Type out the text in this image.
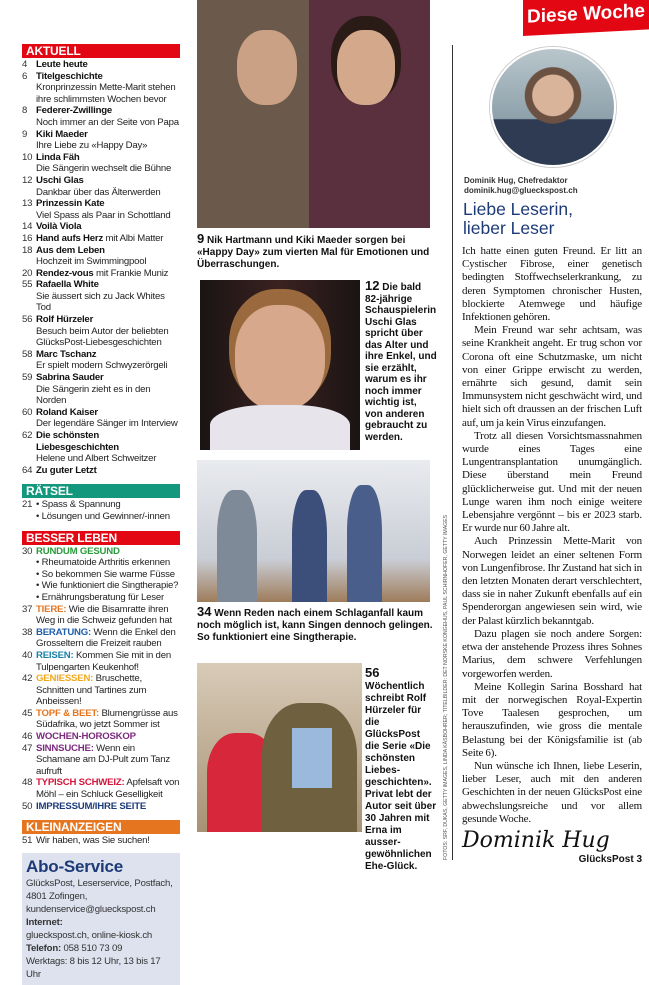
Diese Woche
AKTUELL
4 Leute heute
6 Titelgeschichte
Kronprinzessin Mette-Marit stehen ihre schlimmsten Wochen bevor
8 Federer-Zwillinge
Noch immer an der Seite von Papa
9 Kiki Maeder
Ihre Liebe zu «Happy Day»
10 Linda Fäh
Die Sängerin wechselt die Bühne
12 Uschi Glas
Dankbar über das Älterwerden
13 Prinzessin Kate
Viel Spass als Paar in Schottland
14 Voilà Viola
16 Hand aufs Herz mit Albi Matter
18 Aus dem Leben
Hochzeit im Swimmingpool
20 Rendez-vous mit Frankie Muniz
55 Rafaella White
Sie äussert sich zu Jack Whites Tod
56 Rolf Hürzeler
Besuch beim Autor der beliebten GlücksPost-Liebesgeschichten
58 Marc Tschanz
Er spielt modern Schwyzerörgeli
59 Sabrina Sauder
Die Sängerin zieht es in den Norden
60 Roland Kaiser
Der legendäre Sänger im Interview
62 Die schönsten Liebesgeschichten
Helene und Albert Schweitzer
64 Zu guter Letzt
RÄTSEL
21 • Spass & Spannung
• Lösungen und Gewinner/-innen
BESSER LEBEN
30 RUNDUM GESUND
• Rheumatoide Arthritis erkennen
• So bekommen Sie warme Füsse
• Wie funktioniert die Singtherapie?
• Ernährungsberatung für Leser
37 TIERE: Wie die Bisamratte ihren Weg in die Schweiz gefunden hat
38 BERATUNG: Wenn die Enkel den Grosseltern die Freizeit rauben
40 REISEN: Kommen Sie mit in den Tulpengarten Keukenhof!
42 GENIESSEN: Bruschette, Schnitten und Tartines zum Anbeissen!
45 TOPF & BEET: Blumengrüsse aus Südafrika, wo jetzt Sommer ist
46 WOCHEN-HOROSKOP
47 SINNSUCHE: Wenn ein Schamane am DJ-Pult zum Tanz aufruft
48 TYPISCH SCHWEIZ: Apfelsaft von Möhl – ein Schluck Geselligkeit
50 IMPRESSUM/IHRE SEITE
KLEINANZEIGEN
51 Wir haben, was Sie suchen!
Abo-Service
GlücksPost, Leserservice, Postfach, 4801 Zofingen,
kundenservice@glueckspost.ch
Internet:
glueckspost.ch, online-kiosk.ch
Telefon: 058 510 73 09
Werktags: 8 bis 12 Uhr, 13 bis 17 Uhr
9 Nik Hartmann und Kiki Maeder sorgen bei «Happy Day» zum vierten Mal für Emotionen und Überraschungen.
12 Die bald 82-jährige Schauspielerin Uschi Glas spricht über das Alter und ihre Enkel, und sie erzählt, warum es ihr noch immer wichtig ist, von anderen gebraucht zu werden.
34 Wenn Reden nach einem Schlaganfall kaum noch möglich ist, kann Singen dennoch gelingen. So funktioniert eine Singtherapie.
56 Wöchentlich schreibt Rolf Hürzeler für die GlücksPost die Serie «Die schönsten Liebesgeschichten». Privat lebt der Autor seit über 30 Jahren mit Erna im aussergewöhnlichen Ehe-Glück.
FOTOS: SRF, DUKAS, GETTY IMAGES, LINDA KÄSBOHRER; TITELBILDER: DET NORSKE KONGEHUS, PAUL SCHIRNHOFER, GETTY IMAGES
Dominik Hug, Chefredaktor
dominik.hug@glueckspost.ch
Liebe Leserin,
lieber Leser

Ich hatte einen guten Freund. Er litt an Cystischer Fibrose, einer genetisch bedingten Stoffwechselerkrankung, zu deren Symptomen chronischer Husten, blockierte Atemwege und häufige Infektionen gehören.

Mein Freund war sehr achtsam, was seine Krankheit angeht. Er trug schon vor Corona oft eine Schutzmaske, um nicht von einer Grippe erwischt zu werden, ernährte sich gesund, damit sein Immunsystem nicht geschwächt wird, und hielt sich oft draussen an der frischen Luft auf, um ja kein Virus einzufangen.

Trotz all diesen Vorsichtsmassnahmen wurde eines Tages eine Lungentransplantation unumgänglich. Diese überstand mein Freund glücklicherweise gut. Und mit der neuen Lunge waren ihm noch einige weitere Lebensjahre vergönnt – bis er 2023 starb. Er wurde nur 60 Jahre alt.

Auch Prinzessin Mette-Marit von Norwegen leidet an einer seltenen Form von Lungenfibrose. Ihr Zustand hat sich in den letzten Monaten derart verschlechtert, dass sie in naher Zukunft ebenfalls auf ein Spenderorgan angewiesen sein wird, wie der Palast kürzlich bekanntgab.

Dazu plagen sie noch andere Sorgen: etwa der anstehende Prozess ihres Sohnes Marius, dem schwere Verfehlungen vorgeworfen werden.

Meine Kollegin Sarina Bosshard hat mit der norwegischen Royal-Expertin Tove Taalesen gesprochen, um herauszufinden, wie gross die mentale Belastung bei der Königsfamilie ist (ab Seite 6).

Nun wünsche ich Ihnen, liebe Leserin, lieber Leser, auch mit den anderen Geschichten in der neuen GlücksPost eine abwechslungsreiche und vor allem gesunde Woche.

Dominik Hug
GlücksPost 3
